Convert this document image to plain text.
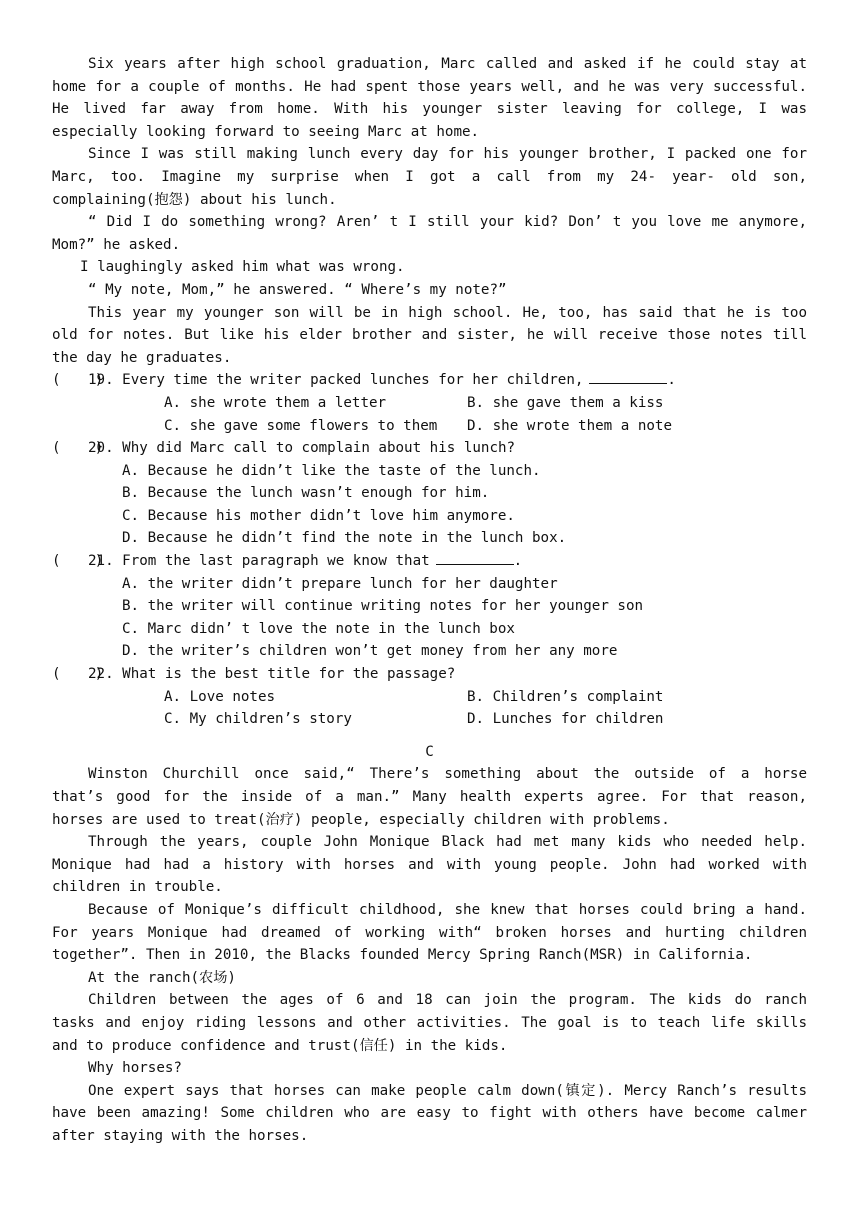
Six years after high school graduation, Marc called and asked if he could stay at
home for a couple of months. He had spent those years well, and he was very successful.
He lived far away from home. With his younger sister leaving for college, I was
especially looking forward to seeing Marc at home.
Since I was still making lunch every day for his younger brother, I packed one for
Marc, too. Imagine my surprise when I got a call from my 24- year- old son,
complaining(抱怨) about his lunch.
“ Did I do something wrong? Aren’ t I still your kid? Don’ t you love me anymore,
Mom?” he asked.
I laughingly asked him what was wrong.
“ My note, Mom,” he answered. “ Where’s my note?”
This year my younger son will be in high school. He, too, has said that he is too
old for notes. But like his elder brother and sister, he will receive those notes till
the day he graduates.
(    )
19. Every time the writer packed lunches for her children,	.
A. she wrote them a letter	B. she gave them a kiss
C. she gave some flowers to them	D. she wrote them a note
(    )
20. Why did Marc call to complain about his lunch?
A. Because he didn’t like the taste of the lunch.
B. Because the lunch wasn’t enough for him.
C. Because his mother didn’t love him anymore.
D. Because he didn’t find the note in the lunch box.
(    )
21. From the last paragraph we know that	.
A. the writer didn’t prepare lunch for her daughter
B. the writer will continue writing notes for her younger son
C. Marc didn’ t love the note in the lunch box
D. the writer’s children won’t get money from her any more
(    )
22. What is the best title for the passage?
A. Love notes	B. Children’s complaint
C. My children’s story	D. Lunches for children
C
Winston Churchill once said,“ There’s something about the outside of a horse
that’s good for the inside of a man.” Many health experts agree. For that reason,
horses are used to treat(治疗) people, especially children with problems.
Through the years, couple John Monique Black had met many kids who needed help.
Monique had had a history with horses and with young people. John had worked with
children in trouble.
Because of Monique’s difficult childhood, she knew that horses could bring a hand.
For years Monique had dreamed of working with“ broken horses and hurting children
together”. Then in 2010, the Blacks founded Mercy Spring Ranch(MSR) in California.
At the ranch(农场)
Children between the ages of 6 and 18 can join the program. The kids do ranch
tasks and enjoy riding lessons and other activities. The goal is to teach life skills
and to produce confidence and trust(信任) in the kids.
Why horses?
One expert says that horses can make people calm down(镇定). Mercy Ranch’s results
have been amazing! Some children who are easy to fight with others have become calmer
after staying with the horses.
